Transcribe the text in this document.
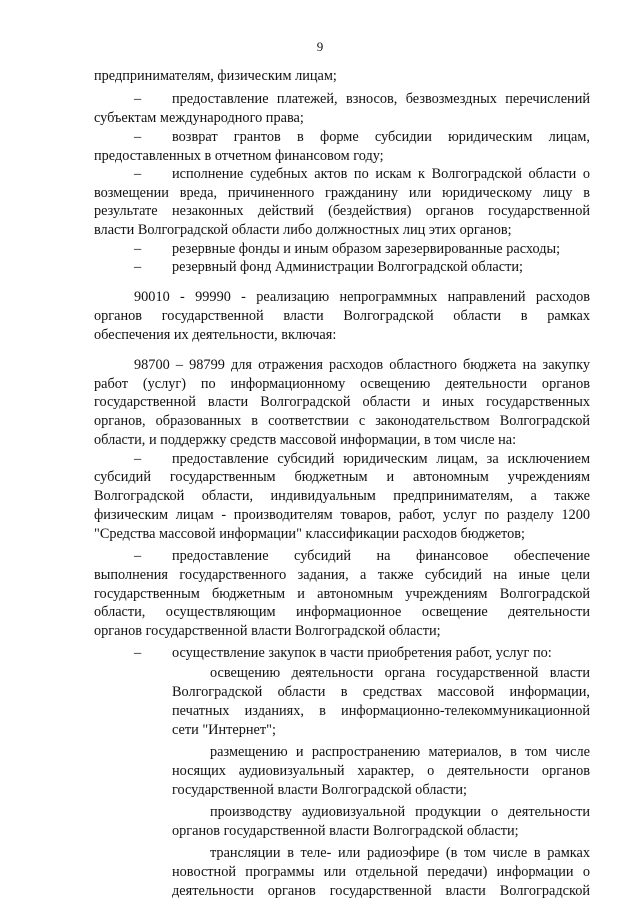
9
предпринимателям, физическим лицам;
– предоставление платежей, взносов, безвозмездных перечислений
субъектам международного права;
– возврат грантов в форме субсидии юридическим лицам,
предоставленных в отчетном финансовом году;
– исполнение судебных актов по искам к Волгоградской области о
возмещении вреда, причиненного гражданину или юридическому лицу в
результате незаконных действий (бездействия) органов государственной
власти Волгоградской области либо должностных лиц этих органов;
– резервные фонды и иным образом зарезервированные расходы;
– резервный фонд Администрации Волгоградской области;
90010 - 99990 - реализацию непрограммных направлений расходов
органов государственной власти Волгоградской области в рамках
обеспечения их деятельности, включая:
98700 – 98799 для отражения расходов областного бюджета на закупку
работ (услуг) по информационному освещению деятельности органов
государственной власти Волгоградской области и иных государственных
органов, образованных в соответствии с законодательством Волгоградской
области, и поддержку средств массовой информации, в том числе на:
– предоставление субсидий юридическим лицам, за исключением
субсидий государственным бюджетным и автономным учреждениям
Волгоградской области, индивидуальным предпринимателям, а также
физическим лицам - производителям товаров, работ, услуг по разделу 1200
"Средства массовой информации" классификации расходов бюджетов;
– предоставление субсидий на финансовое обеспечение
выполнения государственного задания, а также субсидий на иные цели
государственным бюджетным и автономным учреждениям Волгоградской
области, осуществляющим информационное освещение деятельности
органов государственной власти Волгоградской области;
– осуществление закупок в части приобретения работ, услуг по:
освещению деятельности органа государственной власти
Волгоградской области в средствах массовой информации,
печатных изданиях, в информационно-телекоммуникационной
сети "Интернет";
размещению и распространению материалов, в том числе
носящих аудиовизуальный характер, о деятельности органов
государственной власти Волгоградской области;
производству аудиовизуальной продукции о деятельности
органов государственной власти Волгоградской области;
трансляции в теле- или радиоэфире (в том числе в рамках
новостной программы или отдельной передачи) информации о
деятельности органов государственной власти Волгоградской
